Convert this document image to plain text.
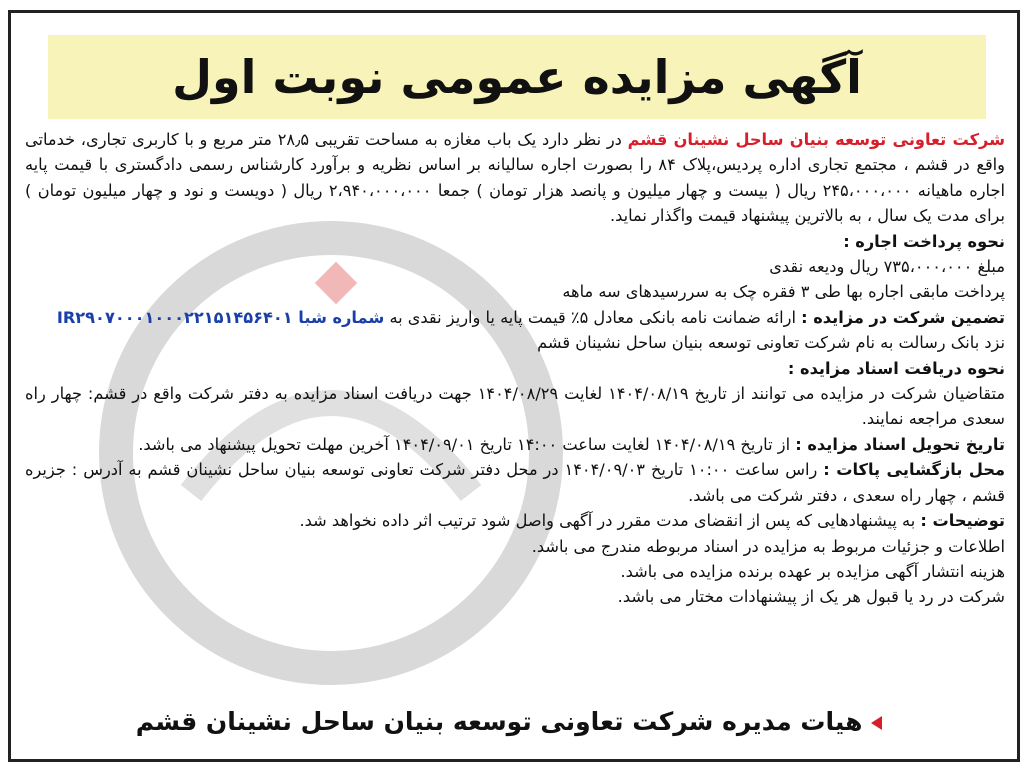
آگهی مزایده عمومی نوبت اول

شرکت تعاونی توسعه بنیان ساحل نشینان قشم در نظر دارد یک باب مغازه به مساحت تقریبی ۲۸٫۵ متر مربع و با کاربری تجاری، خدماتی واقع در قشم ، مجتمع تجاری اداره پردیس،پلاک ۸۴ را بصورت اجاره سالیانه بر اساس نظریه و برآورد کارشناس رسمی دادگستری با قیمت پایه اجاره ماهیانه ۲۴۵،۰۰۰،۰۰۰ ریال ( بیست و چهار میلیون و پانصد هزار تومان ) جمعا ۲،۹۴۰،۰۰۰،۰۰۰ ریال ( دویست و نود و چهار میلیون تومان ) برای مدت یک سال ، به بالاترین پیشنهاد قیمت واگذار نماید.

نحوه پرداخت اجاره :

مبلغ ۷۳۵،۰۰۰،۰۰۰ ریال ودیعه نقدی

پرداخت مابقی اجاره بها طی ۳ فقره چک به سررسیدهای سه ماهه

تضمین شرکت در مزایده : ارائه ضمانت نامه بانکی معادل ۵٪ قیمت پایه یا واریز نقدی به شماره شبا IR۲۹۰۷۰۰۰۱۰۰۰۲۲۱۵۱۴۵۶۴۰۱

نزد بانک رسالت به نام شرکت تعاونی توسعه بنیان ساحل نشینان قشم

نحوه دریافت اسناد مزایده :

متقاضیان شرکت در مزایده می توانند از تاریخ ۱۴۰۴/۰۸/۱۹ لغایت ۱۴۰۴/۰۸/۲۹ جهت دریافت اسناد مزایده به دفتر شرکت واقع در قشم: چهار راه سعدی مراجعه نمایند.

تاریخ تحویل اسناد مزایده : از تاریخ ۱۴۰۴/۰۸/۱۹ لغایت ساعت ۱۴:۰۰ تاریخ ۱۴۰۴/۰۹/۰۱ آخرین مهلت تحویل پیشنهاد می باشد.

محل بازگشایی پاکات : راس ساعت ۱۰:۰۰ تاریخ ۱۴۰۴/۰۹/۰۳ در محل دفتر شرکت تعاونی توسعه بنیان ساحل نشینان قشم به آدرس : جزیره قشم ، چهار راه سعدی ، دفتر شرکت می باشد.

توضیحات : به پیشنهادهایی که پس از انقضای مدت مقرر در آگهی واصل شود ترتیب اثر داده نخواهد شد.

اطلاعات و جزئیات مربوط به مزایده در اسناد مربوطه مندرج می باشد.

هزینه انتشار آگهی مزایده بر عهده برنده مزایده می باشد.

شرکت در رد یا قبول هر یک از پیشنهادات مختار می باشد.

هیات مدیره شرکت تعاونی توسعه بنیان ساحل نشینان قشم
